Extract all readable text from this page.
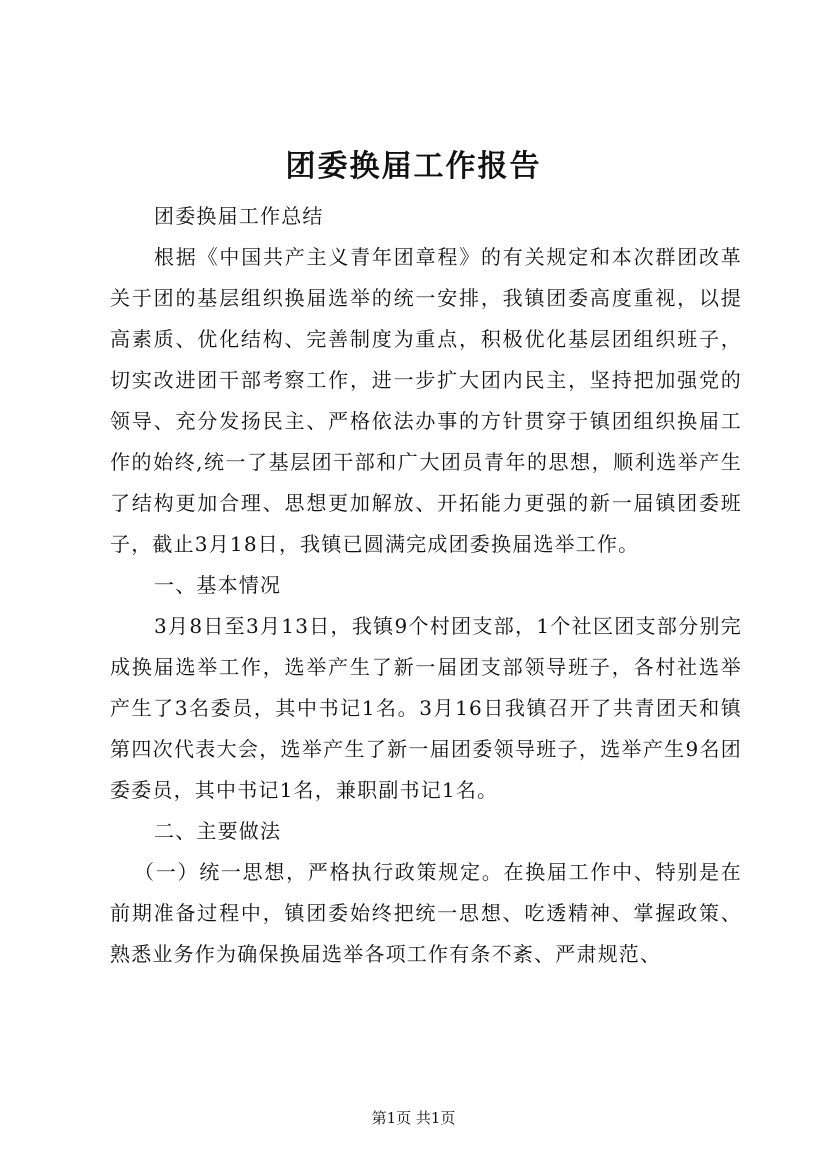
团委换届工作报告

团委换届工作总结

根据《中国共产主义青年团章程》的有关规定和本次群团改革关于团的基层组织换届选举的统一安排，我镇团委高度重视，以提高素质、优化结构、完善制度为重点，积极优化基层团组织班子，切实改进团干部考察工作，进一步扩大团内民主，坚持把加强党的领导、充分发扬民主、严格依法办事的方针贯穿于镇团组织换届工作的始终,统一了基层团干部和广大团员青年的思想，顺利选举产生了结构更加合理、思想更加解放、开拓能力更强的新一届镇团委班子，截止3月18日，我镇已圆满完成团委换届选举工作。

一、基本情况

3月8日至3月13日，我镇9个村团支部，1个社区团支部分别完成换届选举工作，选举产生了新一届团支部领导班子，各村社选举产生了3名委员，其中书记1名。3月16日我镇召开了共青团天和镇第四次代表大会，选举产生了新一届团委领导班子，选举产生9名团委委员，其中书记1名，兼职副书记1名。

二、主要做法

（一）统一思想，严格执行政策规定。在换届工作中、特别是在前期准备过程中，镇团委始终把统一思想、吃透精神、掌握政策、熟悉业务作为确保换届选举各项工作有条不紊、严肃规范、

第1页 共1页
